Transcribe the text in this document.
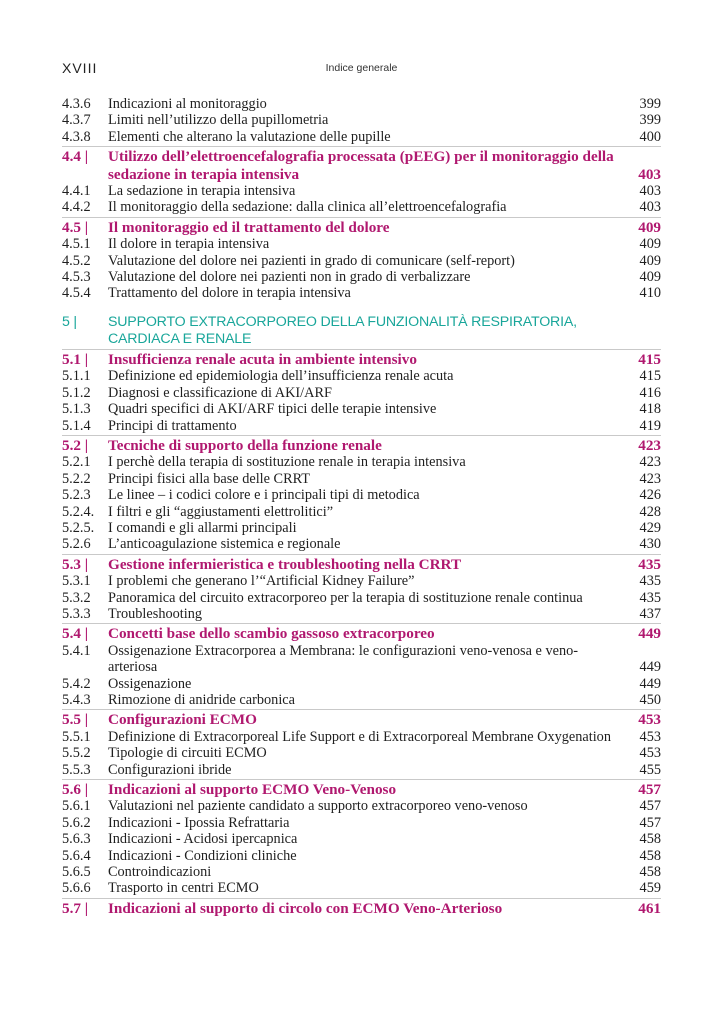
XVIII	Indice generale
4.3.6	Indicazioni al monitoraggio	399
4.3.7	Limiti nell’utilizzo della pupillometria	399
4.3.8	Elementi che alterano la valutazione delle pupille	400
4.4 |	Utilizzo dell’elettroencefalografia processata (pEEG) per il monitoraggio della sedazione in terapia intensiva	403
4.4.1	La sedazione in terapia intensiva	403
4.4.2	Il monitoraggio della sedazione: dalla clinica all’elettroencefalografia	403
4.5 |	Il monitoraggio ed il trattamento del dolore	409
4.5.1	Il dolore in terapia intensiva	409
4.5.2	Valutazione del dolore nei pazienti in grado di comunicare (self-report)	409
4.5.3	Valutazione del dolore nei pazienti non in grado di verbalizzare	409
4.5.4	Trattamento del dolore in terapia intensiva	410
5 |	SUPPORTO EXTRACORPOREO DELLA FUNZIONALITÀ RESPIRATORIA, CARDIACA E RENALE
5.1 |	Insufficienza renale acuta in ambiente intensivo	415
5.1.1	Definizione ed epidemiologia dell’insufficienza renale acuta	415
5.1.2	Diagnosi e classificazione di AKI/ARF	416
5.1.3	Quadri specifici di AKI/ARF tipici delle terapie intensive	418
5.1.4	Principi di trattamento	419
5.2 |	Tecniche di supporto della funzione renale	423
5.2.1	I perchè della terapia di sostituzione renale in terapia intensiva	423
5.2.2	Principi fisici alla base delle CRRT	423
5.2.3	Le linee – i codici colore e i principali tipi di metodica	426
5.2.4. I filtri e gli “aggiustamenti elettrolitici”	428
5.2.5. I comandi e gli allarmi principali	429
5.2.6	L’anticoagulazione sistemica e regionale	430
5.3 |	Gestione infermieristica e troubleshooting nella CRRT	435
5.3.1	I problemi che generano l’“Artificial Kidney Failure”	435
5.3.2	Panoramica del circuito extracorporeo per la terapia di sostituzione renale continua	435
5.3.3	Troubleshooting	437
5.4 |	Concetti base dello scambio gassoso extracorporeo	449
5.4.1	Ossigenazione Extracorporea a Membrana: le configurazioni veno-venosa e veno-arteriosa	449
5.4.2	Ossigenazione	449
5.4.3	Rimozione di anidride carbonica	450
5.5 |	Configurazioni ECMO	453
5.5.1	Definizione di Extracorporeal Life Support e di Extracorporeal Membrane Oxygenation	453
5.5.2	Tipologie di circuiti ECMO	453
5.5.3	Configurazioni ibride	455
5.6 |	Indicazioni al supporto ECMO Veno-Venoso	457
5.6.1	Valutazioni nel paziente candidato a supporto extracorporeo veno-venoso	457
5.6.2	Indicazioni - Ipossia Refrattaria	457
5.6.3	Indicazioni - Acidosi ipercapnica	458
5.6.4	Indicazioni - Condizioni cliniche	458
5.6.5	Controindicazioni	458
5.6.6	Trasporto in centri ECMO	459
5.7 |	Indicazioni al supporto di circolo con ECMO Veno-Arterioso	461
